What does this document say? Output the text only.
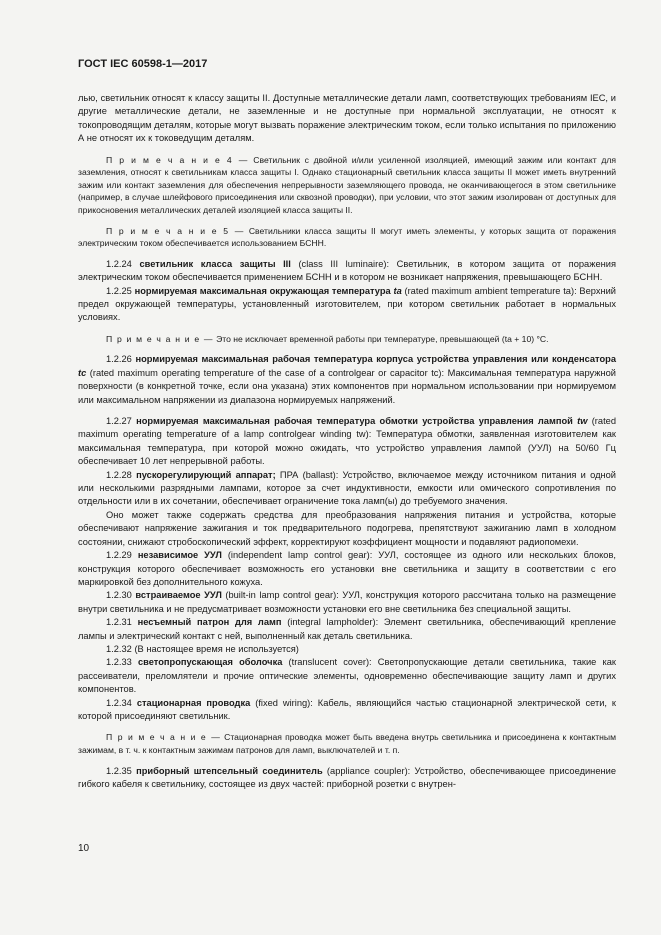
ГОСТ IEC 60598-1—2017

лью, светильник относят к классу защиты II. Доступные металлические детали ламп, соответствующих требованиям IEC, и другие металлические детали, не заземленные и не доступные при нормальной эксплуатации, не относят к токопроводящим деталям, которые могут вызвать поражение электрическим током, если только испытания по приложению А не относят их к токоведущим деталям.

П р и м е ч а н и е 4 — Светильник с двойной и/или усиленной изоляцией, имеющий зажим или контакт для заземления, относят к светильникам класса защиты I. Однако стационарный светильник класса защиты II может иметь внутренний зажим или контакт заземления для обеспечения непрерывности заземляющего провода, не оканчивающегося в этом светильнике (например, в случае шлейфового присоединения или сквозной проводки), при условии, что этот зажим изолирован от доступных для прикосновения металлических деталей изоляцией класса защиты II.

П р и м е ч а н и е 5 — Светильники класса защиты II могут иметь элементы, у которых защита от поражения электрическим током обеспечивается использованием БСНН.

1.2.24 светильник класса защиты III (class III luminaire): Светильник, в котором защита от поражения электрическим током обеспечивается применением БСНН и в котором не возникает напряжения, превышающего БСНН.

1.2.25 нормируемая максимальная окружающая температура ta (rated maximum ambient temperature ta): Верхний предел окружающей температуры, установленный изготовителем, при котором светильник работает в нормальных условиях.

П р и м е ч а н и е — Это не исключает временной работы при температуре, превышающей (ta + 10) °С.

1.2.26 нормируемая максимальная рабочая температура корпуса устройства управления или конденсатора tc (rated maximum operating temperature of the case of a controlgear or capacitor tc): Максимальная температура наружной поверхности (в конкретной точке, если она указана) этих компонентов при нормальном использовании при нормируемом или максимальном напряжении из диапазона нормируемых напряжений.

1.2.27 нормируемая максимальная рабочая температура обмотки устройства управления лампой tw (rated maximum operating temperature of a lamp controlgear winding tw): Температура обмотки, заявленная изготовителем как максимальная температура, при которой можно ожидать, что устройство управления лампой (УУЛ) на 50/60 Гц обеспечивает 10 лет непрерывной работы.

1.2.28 пускорегулирующий аппарат; ПРА (ballast): Устройство, включаемое между источником питания и одной или несколькими разрядными лампами, которое за счет индуктивности, емкости или омического сопротивления по отдельности или в их сочетании, обеспечивает ограничение тока ламп(ы) до требуемого значения.

Оно может также содержать средства для преобразования напряжения питания и устройства, которые обеспечивают напряжение зажигания и ток предварительного подогрева, препятствуют зажиганию ламп в холодном состоянии, снижают стробоскопический эффект, корректируют коэффициент мощности и подавляют радиопомехи.

1.2.29 независимое УУЛ (independent lamp control gear): УУЛ, состоящее из одного или нескольких блоков, конструкция которого обеспечивает возможность его установки вне светильника и защиту в соответствии с его маркировкой без дополнительного кожуха.

1.2.30 встраиваемое УУЛ (built-in lamp control gear): УУЛ, конструкция которого рассчитана только на размещение внутри светильника и не предусматривает возможности установки его вне светильника без специальной защиты.

1.2.31 несъемный патрон для ламп (integral lampholder): Элемент светильника, обеспечивающий крепление лампы и электрический контакт с ней, выполненный как деталь светильника.

1.2.32 (В настоящее время не используется)

1.2.33 светопропускающая оболочка (translucent cover): Светопропускающие детали светильника, такие как рассеиватели, преломлятели и прочие оптические элементы, одновременно обеспечивающие защиту ламп и других компонентов.

1.2.34 стационарная проводка (fixed wiring): Кабель, являющийся частью стационарной электрической сети, к которой присоединяют светильник.

П р и м е ч а н и е — Стационарная проводка может быть введена внутрь светильника и присоединена к контактным зажимам, в т. ч. к контактным зажимам патронов для ламп, выключателей и т. п.

1.2.35 приборный штепсельный соединитель (appliance coupler): Устройство, обеспечивающее присоединение гибкого кабеля к светильнику, состоящее из двух частей: приборной розетки с внутрен-

10
